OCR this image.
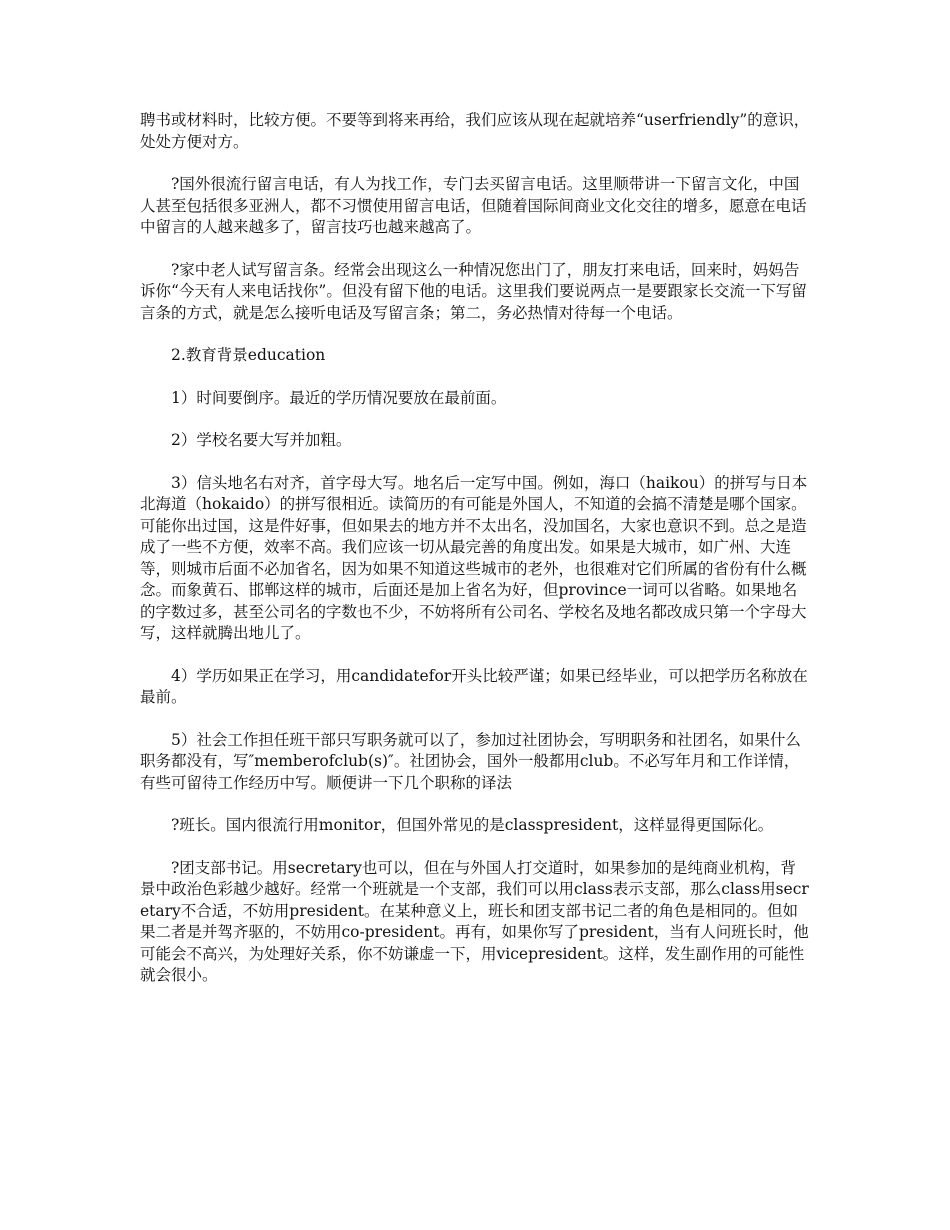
聘书或材料时，比较方便。不要等到将来再给，我们应该从现在起就培养“userfriendly”的意识，处处方便对方。

?国外很流行留言电话，有人为找工作，专门去买留言电话。这里顺带讲一下留言文化，中国人甚至包括很多亚洲人，都不习惯使用留言电话，但随着国际间商业文化交往的增多，愿意在电话中留言的人越来越多了，留言技巧也越来越高了。

?家中老人试写留言条。经常会出现这么一种情况您出门了，朋友打来电话，回来时，妈妈告诉你“今天有人来电话找你”。但没有留下他的电话。这里我们要说两点一是要跟家长交流一下写留言条的方式，就是怎么接听电话及写留言条；第二，务必热情对待每一个电话。

2.教育背景education

1）时间要倒序。最近的学历情况要放在最前面。

2）学校名要大写并加粗。

3）信头地名右对齐，首字母大写。地名后一定写中国。例如，海口（haikou）的拼写与日本北海道（hokaido）的拼写很相近。读简历的有可能是外国人，不知道的会搞不清楚是哪个国家。可能你出过国，这是件好事，但如果去的地方并不太出名，没加国名，大家也意识不到。总之是造成了一些不方便，效率不高。我们应该一切从最完善的角度出发。如果是大城市，如广州、大连等，则城市后面不必加省名，因为如果不知道这些城市的老外，也很难对它们所属的省份有什么概念。而象黄石、邯郸这样的城市，后面还是加上省名为好，但province一词可以省略。如果地名的字数过多，甚至公司名的字数也不少，不妨将所有公司名、学校名及地名都改成只第一个字母大写，这样就腾出地儿了。

4）学历如果正在学习，用candidatefor开头比较严谨；如果已经毕业，可以把学历名称放在最前。

5）社会工作担任班干部只写职务就可以了，参加过社团协会，写明职务和社团名，如果什么职务都没有，写″memberofclub(s)″。社团协会，国外一般都用club。不必写年月和工作详情，有些可留待工作经历中写。顺便讲一下几个职称的译法

?班长。国内很流行用monitor，但国外常见的是classpresident，这样显得更国际化。

?团支部书记。用secretary也可以，但在与外国人打交道时，如果参加的是纯商业机构，背景中政治色彩越少越好。经常一个班就是一个支部，我们可以用class表示支部，那么class用secretary不合适，不妨用president。在某种意义上，班长和团支部书记二者的角色是相同的。但如果二者是并驾齐驱的，不妨用co-president。再有，如果你写了president，当有人问班长时，他可能会不高兴，为处理好关系，你不妨谦虚一下，用vicepresident。这样，发生副作用的可能性就会很小。
